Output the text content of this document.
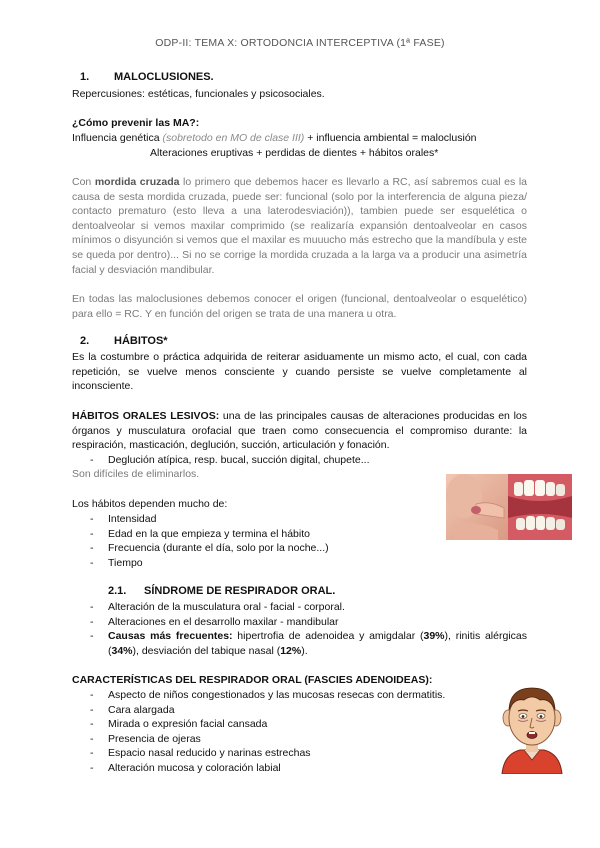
ODP-II: TEMA X: ORTODONCIA INTERCEPTIVA (1ª FASE)
1. MALOCLUSIONES.
Repercusiones: estéticas, funcionales y psicosociales.
¿Cómo prevenir las MA?:
Influencia genética (sobretodo en MO de clase III) + influencia ambiental = maloclusión
Alteraciones eruptivas + perdidas de dientes + hábitos orales*
Con mordida cruzada lo primero que debemos hacer es llevarlo a RC, así sabremos cual es la causa de sesta mordida cruzada, puede ser: funcional (solo por la interferencia de alguna pieza/ contacto prematuro (esto lleva a una laterodesviación)), tambien puede ser esquelética o dentoalveolar si vemos maxilar comprimido (se realizaría expansión dentoalveolar en casos mínimos o disyunción si vemos que el maxilar es muuucho más estrecho que la mandíbula y este se queda por dentro)... Si no se corrige la mordida cruzada a la larga va a producir una asimetría facial y desviación mandibular.
En todas las maloclusiones debemos conocer el origen (funcional, dentoalveolar o esquelético) para ello = RC. Y en función del origen se trata de una manera u otra.
2. HÁBITOS*
Es la costumbre o práctica adquirida de reiterar asiduamente un mismo acto, el cual, con cada repetición, se vuelve menos consciente y cuando persiste se vuelve completamente al inconsciente.
HÁBITOS ORALES LESIVOS: una de las principales causas de alteraciones producidas en los órganos y musculatura orofacial que traen como consecuencia el compromiso durante: la respiración, masticación, deglución, succión, articulación y fonación.
- Deglución atípica, resp. bucal, succión digital, chupete...
Son difíciles de eliminarlos.
Los hábitos dependen mucho de:
- Intensidad
- Edad en la que empieza y termina el hábito
- Frecuencia (durante el día, solo por la noche...)
- Tiempo
2.1. SÍNDROME DE RESPIRADOR ORAL.
- Alteración de la musculatura oral - facial - corporal.
- Alteraciones en el desarrollo maxilar - mandibular
- Causas más frecuentes: hipertrofia de adenoidea y amigdalar (39%), rinitis alérgicas (34%), desviación del tabique nasal (12%).
CARACTERÍSTICAS DEL RESPIRADOR ORAL (FASCIES ADENOIDEAS):
- Aspecto de niños congestionados y las mucosas resecas con dermatitis.
- Cara alargada
- Mirada o expresión facial cansada
- Presencia de ojeras
- Espacio nasal reducido y narinas estrechas
- Alteración mucosa y coloración labial
